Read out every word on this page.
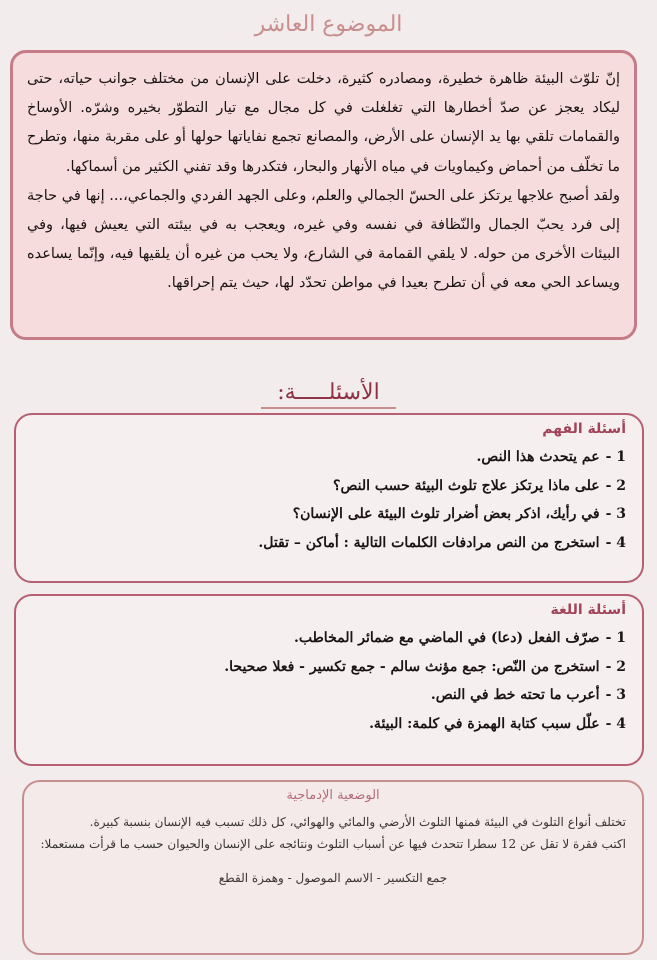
الموضوع العاشر

إنّ تلوّث البيئة ظاهرة خطيرة، ومصادره كثيرة، دخلت على الإنسان من مختلف جوانب حياته، حتى ليكاد يعجز عن صدّ أخطارها التي تغلغلت في كل مجال مع تيار التطوّر بخيره وشرّه. الأوساخ والقمامات تلقي بها يد الإنسان على الأرض، والمصانع تجمع نفاياتها حولها أو على مقربة منها، وتطرح ما تخلّف من أحماض وكيماويات في مياه الأنهار والبحار، فتكدرها وقد تفني الكثير من أسماكها.

ولقد أصبح علاجها يرتكز على الحسّ الجمالي والعلم، وعلى الجهد الفردي والجماعي،... إنها في حاجة إلى فرد يحبّ الجمال والنّظافة في نفسه وفي غيره، ويعجب به في بيئته التي يعيش فيها، وفي البيئات الأخرى من حوله. لا يلقي القمامة في الشارع، ولا يحب من غيره أن يلقيها فيه، وإنّما يساعده ويساعد الحي معه في أن تطرح بعيدا في مواطن تحدّد لها، حيث يتم إحراقها.

الأسئلـــــة:
أسئلة الفهم
1 -عم يتحدث هذا النص.
2 -على ماذا يرتكز علاج تلوث البيئة حسب النص؟
3 -في رأيك، اذكر بعض أضرار تلوث البيئة على الإنسان؟
4 -استخرج من النص مرادفات الكلمات التالية : أماكن – تقتل.
أسئلة اللغة
1 -صرّف الفعل (دعا) في الماضي مع ضمائر المخاطب.
2 -استخرج من النّص: جمع مؤنث سالم - جمع تكسير - فعلا صحيحا.
3 -أعرب ما تحته خط في النص.
4 -علّل سبب كتابة الهمزة في كلمة: البيئة.
الوضعية الإدماجية

تختلف أنواع التلوث في البيئة فمنها التلوث الأرضي والمائي والهوائي، كل ذلك تسبب فيه الإنسان بنسبة كبيرة.

اكتب فقرة لا تقل عن 12 سطرا تتحدث فيها عن أسباب التلوث ونتائجه على الإنسان والحيوان حسب ما قرأت مستعملا:

جمع التكسير - الاسم الموصول - وهمزة القطع
